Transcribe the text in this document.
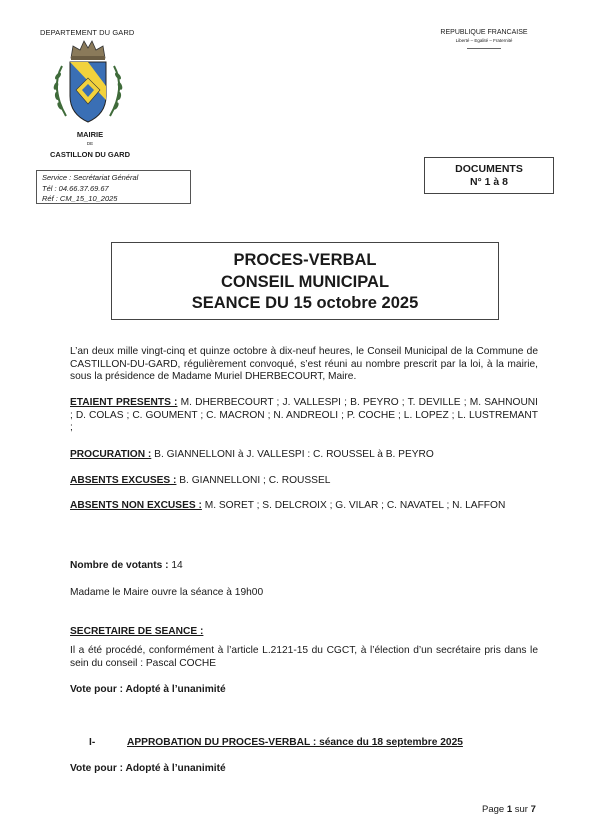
DEPARTEMENT DU GARD
MAIRIE
DE
CASTILLON DU GARD
Service : Secrétariat Général
Tél : 04.66.37.69.67
Réf : CM_15_10_2025
REPUBLIQUE FRANCAISE
Liberté – Egalité – Fraternité
DOCUMENTS
N° 1 à 8
PROCES-VERBAL
CONSEIL MUNICIPAL
SEANCE DU 15 octobre 2025
L’an deux mille vingt-cinq et quinze octobre à dix-neuf heures, le Conseil Municipal de la Commune de CASTILLON-DU-GARD, régulièrement convoqué, s’est réuni au nombre prescrit par la loi, à la mairie, sous la présidence de Madame Muriel DHERBECOURT, Maire.
ETAIENT PRESENTS : M. DHERBECOURT ; J. VALLESPI ; B. PEYRO ; T. DEVILLE ; M. SAHNOUNI ; D. COLAS ; C. GOUMENT ; C. MACRON ; N. ANDREOLI ; P. COCHE ; L. LOPEZ ; L. LUSTREMANT ;
PROCURATION : B. GIANNELLONI à J. VALLESPI : C. ROUSSEL à B. PEYRO
ABSENTS EXCUSES : B. GIANNELLONI ; C. ROUSSEL
ABSENTS NON EXCUSES : M. SORET ; S. DELCROIX ; G. VILAR ; C. NAVATEL ; N. LAFFON
Nombre de votants : 14
Madame le Maire ouvre la séance à 19h00
SECRETAIRE DE SEANCE :
Il a été procédé, conformément à l’article L.2121-15 du CGCT, à l’élection d’un secrétaire pris dans le sein du conseil : Pascal COCHE
Vote pour : Adopté à l’unanimité
I-	APPROBATION DU PROCES-VERBAL : séance du 18 septembre 2025
Vote pour : Adopté à l’unanimité
Page 1 sur 7
